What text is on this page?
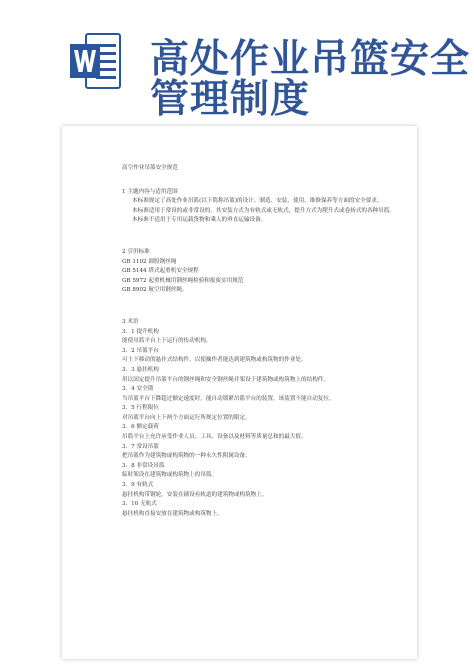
高处作业吊篮安全
管理制度
高空作业吊篮安全规范
1 主题内容与适用范围
本标准规定了高处作业吊篮(以下简称吊篮)的设计、制造、安装、使用、维修保养等方面的安全要求。
本标准适用于常设的或非常设的，其安装方式为有轨式或无轨式，提升方式为爬升式或卷扬式的各种吊篮。
本标准不适用于专用运载货物和乘人的垂直运输设备。
2 引用标准
GB 1102 圆股钢丝绳
GB 5144 塔式起重机安全规程
GB 5972 起重机械用钢丝绳检验和报废实用规范
GB 8902 航空用钢丝绳。
3 术语
3．1 提升机构
能使吊篮平台上下运行的传动机构。
3．2 吊篮平台
可上下移动的悬挂式结构件，以使操作者能达到建筑物或构筑物的作业处。
3．3 悬挂机构
用以固定提升吊篮平台的钢丝绳和安全钢丝绳并架设于建筑物或构筑物上的结构件。
3．4 安全锁
当吊篮平台下降超过额定速度时，能自动锁紧吊篮平台的装置，该装置不能自动复位。
3．5 行程限位
对吊篮平台向上下两个方面运行所规定位置的限定。
3．6 额定载荷
吊篮平台上允许承受作业人员、工具、设备以及材料等质量总和的最大值。
3．7 常设吊篮
把吊篮作为建筑物或构筑物的一种永久性附属设备。
3．8 非常设吊篮
临时架设在建筑物或构筑物上的吊篮。
3．9 有轨式
悬挂机构带钢轮，安装在铺设有轨道的建筑物或构筑物上。
3．10 无轨式
悬挂机构直接安放在建筑物或构筑物上。
